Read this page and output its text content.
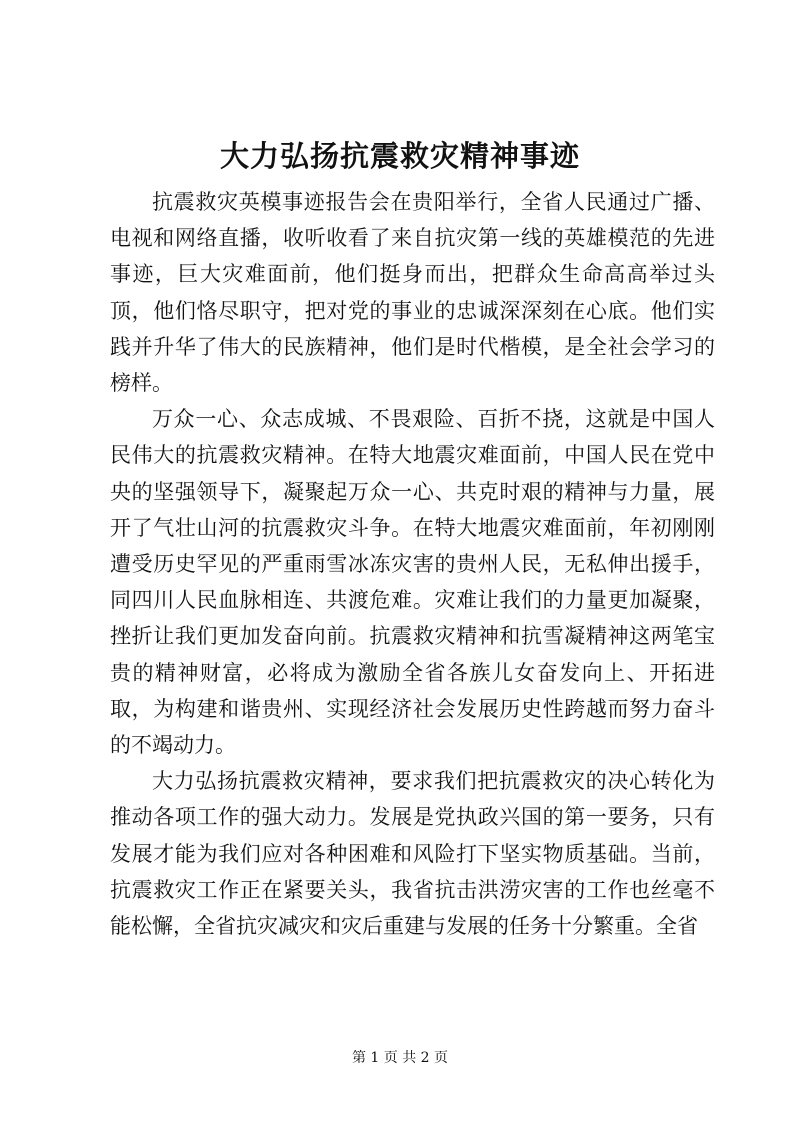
大力弘扬抗震救灾精神事迹

抗震救灾英模事迹报告会在贵阳举行，全省人民通过广播、电视和网络直播，收听收看了来自抗灾第一线的英雄模范的先进事迹，巨大灾难面前，他们挺身而出，把群众生命高高举过头顶，他们恪尽职守，把对党的事业的忠诚深深刻在心底。他们实践并升华了伟大的民族精神，他们是时代楷模，是全社会学习的榜样。

万众一心、众志成城、不畏艰险、百折不挠，这就是中国人民伟大的抗震救灾精神。在特大地震灾难面前，中国人民在党中央的坚强领导下，凝聚起万众一心、共克时艰的精神与力量，展开了气壮山河的抗震救灾斗争。在特大地震灾难面前，年初刚刚遭受历史罕见的严重雨雪冰冻灾害的贵州人民，无私伸出援手，同四川人民血脉相连、共渡危难。灾难让我们的力量更加凝聚，挫折让我们更加发奋向前。抗震救灾精神和抗雪凝精神这两笔宝贵的精神财富，必将成为激励全省各族儿女奋发向上、开拓进取，为构建和谐贵州、实现经济社会发展历史性跨越而努力奋斗的不竭动力。

大力弘扬抗震救灾精神，要求我们把抗震救灾的决心转化为推动各项工作的强大动力。发展是党执政兴国的第一要务，只有发展才能为我们应对各种困难和风险打下坚实物质基础。当前，抗震救灾工作正在紧要关头，我省抗击洪涝灾害的工作也丝毫不能松懈，全省抗灾减灾和灾后重建与发展的任务十分繁重。全省

第 1 页 共 2 页
